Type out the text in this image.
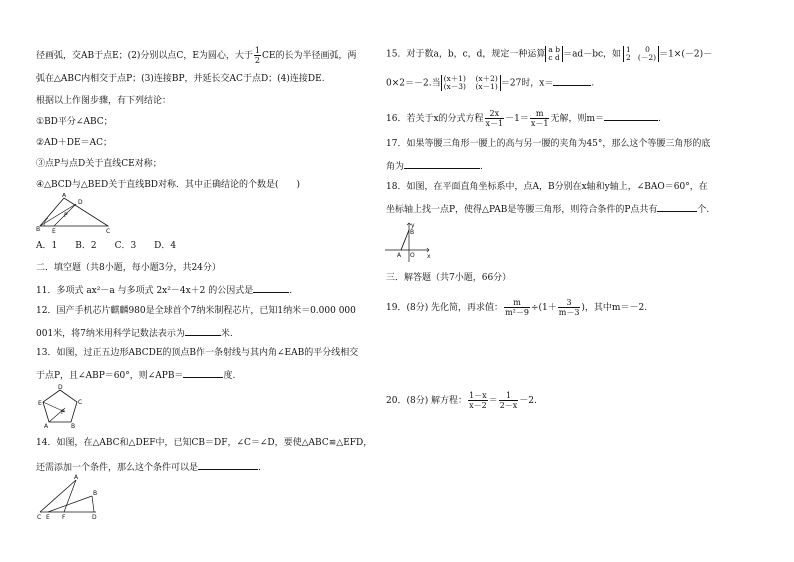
径画弧，交AB于点E；(2)分别以点C，E为圆心，大于 $\frac{1}{2}$ CE的长为半径画弧，两
弧在△ABC内相交于点P；(3)连接BP，并延长交AC于点D；(4)连接DE.
根据以上作图步骤，有下列结论：
①BD平分∠ABC；
②AD＋DE＝AC；
③点P与点D关于直线CE对称；
④△BCD与△BED关于直线BD对称．其中正确结论的个数是(　　)
B
A
C
D
E
P
A．1　　B．2　　C．3　　D．4
二．填空题（共8小题，每小题3分，共24分）
11．多项式 ax²－a 与多项式 2x²－4x＋2 的公因式是	.
12．国产手机芯片麒麟980是全球首个7纳米制程芯片，已知1纳米＝0.000 000
001米，将7纳米用科学记数法表示为	米.
13．如图，过正五边形ABCDE的顶点B作一条射线与其内角∠EAB的平分线相交
于点P，且∠ABP＝60°，则∠APB＝	度.
D
E	C
A	B
P
14．如图，在△ABC和△DEF中，已知CB＝DF，∠C＝∠D，要使△ABC≌△EFD，
还需添加一个条件，那么这个条件可以是	.
A
B
C E F	D
15．对于数a，b，c，d，规定一种运算 a b
c d ＝ad－bc，如 1      0
2   (－2) ＝1×(－2)－
0×2＝－2.当 (x＋1)    (x＋2)
(x－3)    (x－1) ＝27时，x＝	.
16．若关于x的分式方程 $\frac{2x}{x-1} -1= \frac{m}{x-1}$ 无解，则m＝	.
17．如果等腰三角形一腰上的高与另一腰的夹角为45°，那么这个等腰三角形的底
角为	.
18．如图，在平面直角坐标系中，点A，B分别在x轴和y轴上，∠BAO＝60°，在
坐标轴上找一点P，使得△PAB是等腰三角形，则符合条件的P点共有	个.
y
x
O
A
B
三．解答题（共7小题，66分）
19．(8分) 先化简，再求值： $\frac{m}{\text{m²－9}} \div(1+ \frac{3}{m-3}$ )，其中m＝－2.
20．(8分) 解方程： $\frac{1-x}{x-2} = \frac{1}{2-x} -2$.
